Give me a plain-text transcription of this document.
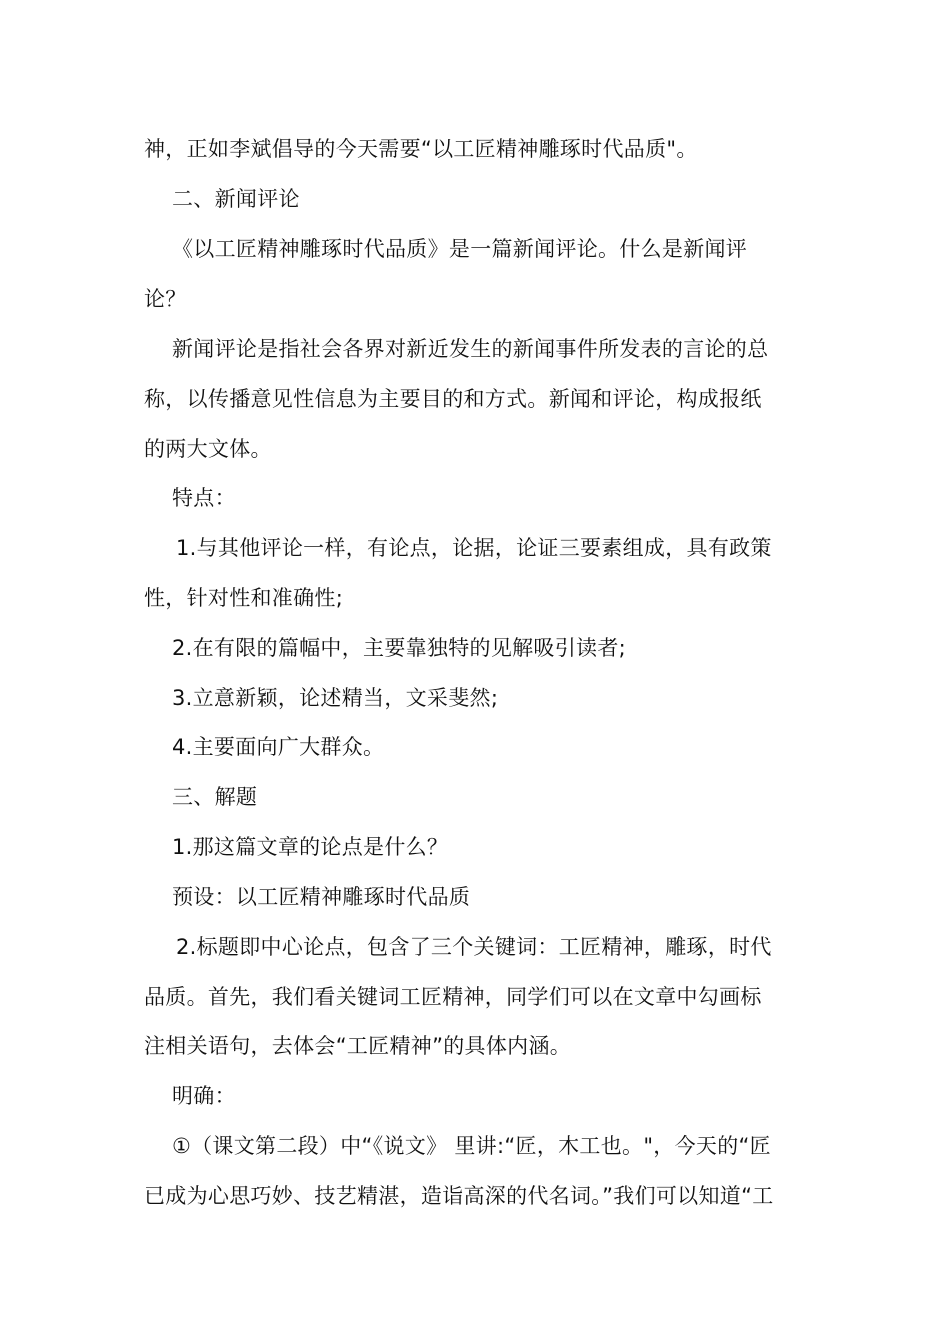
神，正如李斌倡导的今天需要“以工匠精神雕琢时代品质"。
二、新闻评论
《以工匠精神雕琢时代品质》是一篇新闻评论。什么是新闻评
论？
新闻评论是指社会各界对新近发生的新闻事件所发表的言论的总
称，以传播意见性信息为主要目的和方式。新闻和评论，构成报纸
的两大文体。
特点：
1.与其他评论一样，有论点，论据，论证三要素组成，具有政策
性，针对性和准确性;
2.在有限的篇幅中，主要靠独特的见解吸引读者;
3.立意新颖，论述精当，文采斐然;
4.主要面向广大群众。
三、解题
1.那这篇文章的论点是什么？
预设：以工匠精神雕琢时代品质
2.标题即中心论点，包含了三个关键词：工匠精神，雕琢，时代
品质。首先，我们看关键词工匠精神，同学们可以在文章中勾画标
注相关语句，去体会“工匠精神”的具体内涵。
明确：
①（课文第二段）中“《说文》 里讲:“匠，木工也。"，今天的“匠
已成为心思巧妙、技艺精湛，造诣高深的代名词。”我们可以知道“工
